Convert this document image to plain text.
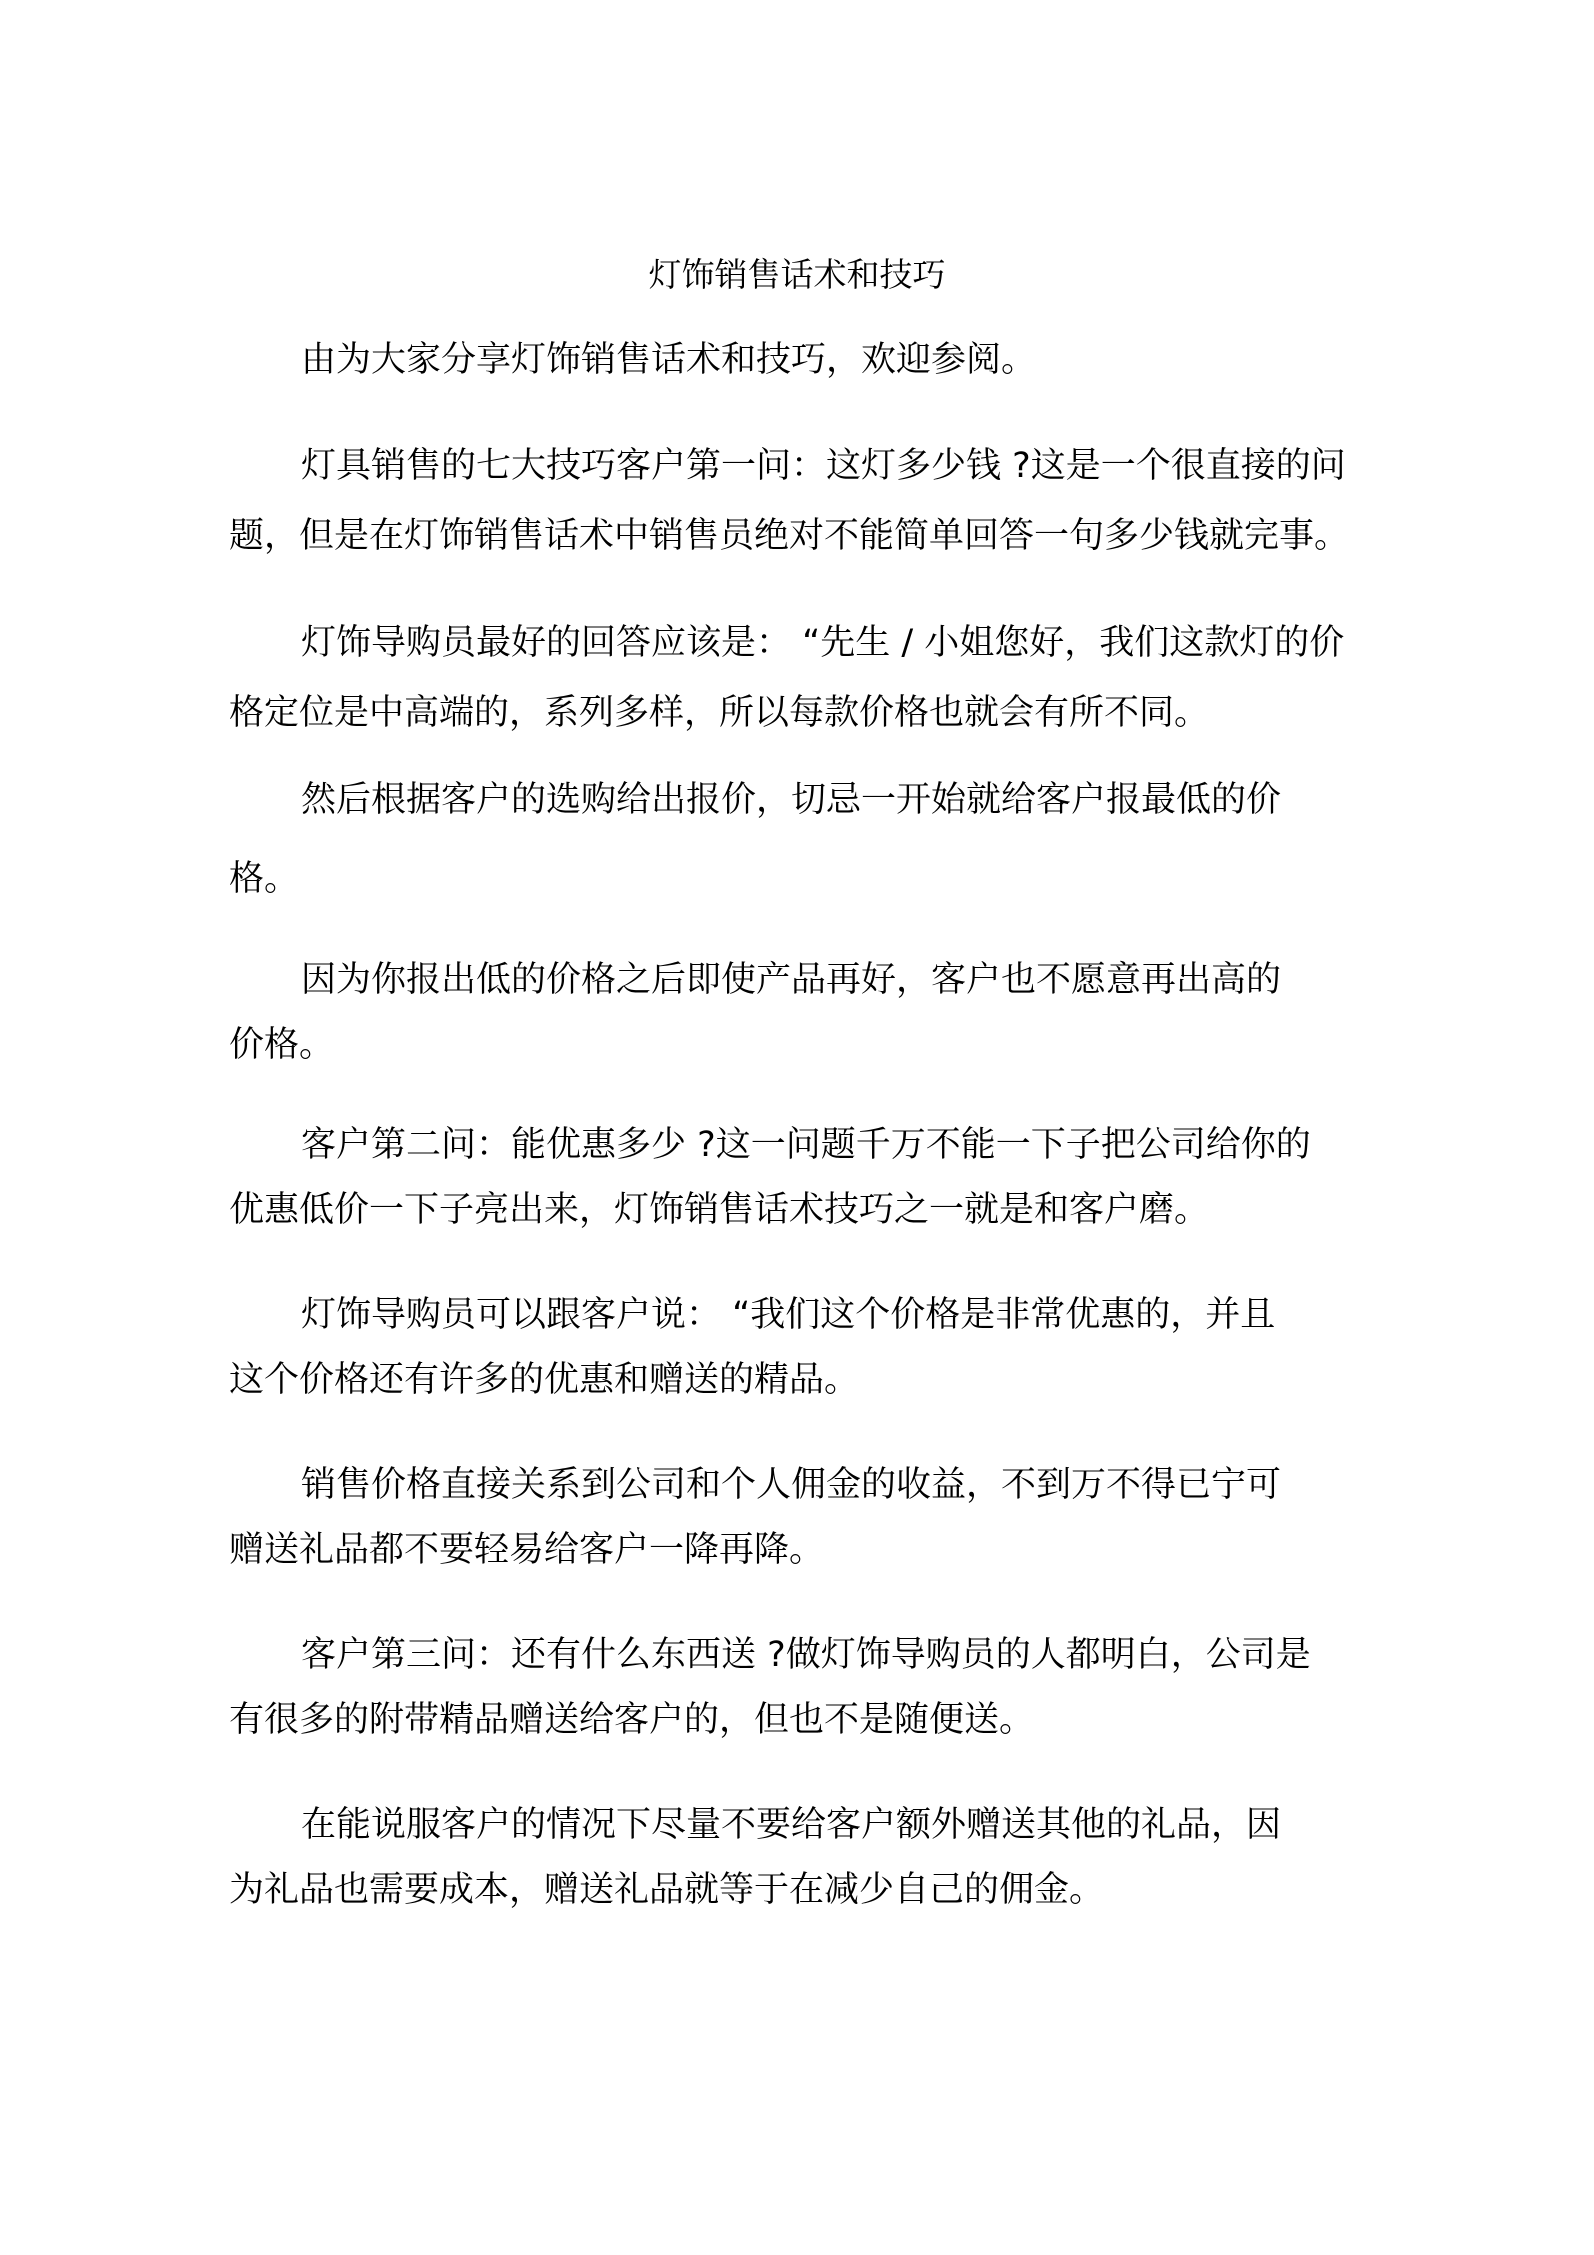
灯饰销售话术和技巧
由为大家分享灯饰销售话术和技巧，欢迎参阅。
灯具销售的七大技巧客户第一问：这灯多少钱 ?这是一个很直接的问
题，但是在灯饰销售话术中销售员绝对不能简单回答一句多少钱就完事。
灯饰导购员最好的回答应该是： “先生 / 小姐您好，我们这款灯的价
格定位是中高端的，系列多样，所以每款价格也就会有所不同。
然后根据客户的选购给出报价，切忌一开始就给客户报最低的价
格。
因为你报出低的价格之后即使产品再好，客户也不愿意再出高的
价格。
客户第二问：能优惠多少 ?这一问题千万不能一下子把公司给你的
优惠低价一下子亮出来，灯饰销售话术技巧之一就是和客户磨。
灯饰导购员可以跟客户说： “我们这个价格是非常优惠的，并且
这个价格还有许多的优惠和赠送的精品。
销售价格直接关系到公司和个人佣金的收益，不到万不得已宁可
赠送礼品都不要轻易给客户一降再降。
客户第三问：还有什么东西送 ?做灯饰导购员的人都明白，公司是
有很多的附带精品赠送给客户的，但也不是随便送。
在能说服客户的情况下尽量不要给客户额外赠送其他的礼品，因
为礼品也需要成本，赠送礼品就等于在减少自己的佣金。
